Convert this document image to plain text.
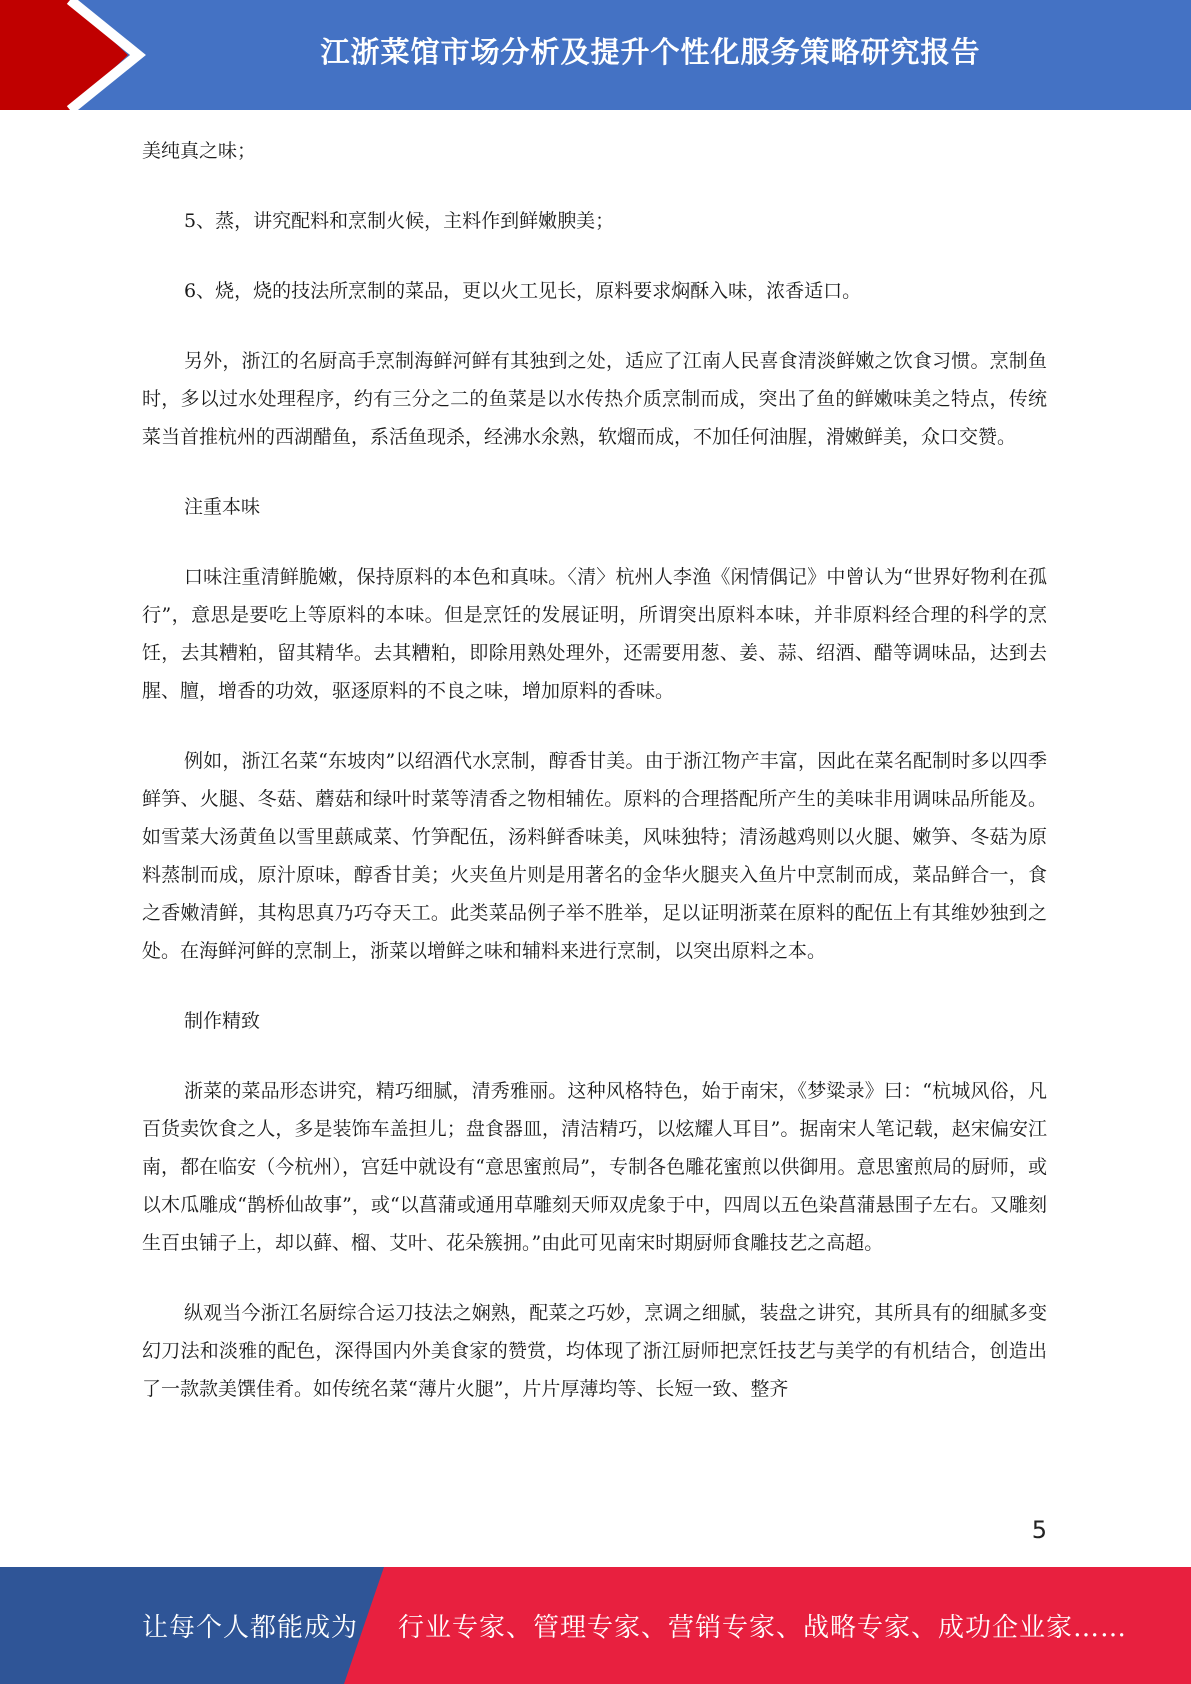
江浙菜馆市场分析及提升个性化服务策略研究报告

美纯真之味；

5、蒸，讲究配料和烹制火候，主料作到鲜嫩腴美；

6、烧，烧的技法所烹制的菜品，更以火工见长，原料要求焖酥入味，浓香适口。

另外，浙江的名厨高手烹制海鲜河鲜有其独到之处，适应了江南人民喜食清淡鲜嫩之饮食习惯。烹制鱼时，多以过水处理程序，约有三分之二的鱼菜是以水传热介质烹制而成，突出了鱼的鲜嫩味美之特点，传统菜当首推杭州的西湖醋鱼，系活鱼现杀，经沸水氽熟，软熘而成，不加任何油腥，滑嫩鲜美，众口交赞。

注重本味

口味注重清鲜脆嫩，保持原料的本色和真味。〈清〉杭州人李渔《闲情偶记》中曾认为“世界好物利在孤行”，意思是要吃上等原料的本味。但是烹饪的发展证明，所谓突出原料本味，并非原料经合理的科学的烹饪，去其糟粕，留其精华。去其糟粕，即除用熟处理外，还需要用葱、姜、蒜、绍酒、醋等调味品，达到去腥、膻，增香的功效，驱逐原料的不良之味，增加原料的香味。

例如，浙江名菜“东坡肉”以绍酒代水烹制，醇香甘美。由于浙江物产丰富，因此在菜名配制时多以四季鲜笋、火腿、冬菇、蘑菇和绿叶时菜等清香之物相辅佐。原料的合理搭配所产生的美味非用调味品所能及。如雪菜大汤黄鱼以雪里蕻咸菜、竹笋配伍，汤料鲜香味美，风味独特；清汤越鸡则以火腿、嫩笋、冬菇为原料蒸制而成，原汁原味，醇香甘美；火夹鱼片则是用著名的金华火腿夹入鱼片中烹制而成，菜品鲜合一，食之香嫩清鲜，其构思真乃巧夺天工。此类菜品例子举不胜举，足以证明浙菜在原料的配伍上有其维妙独到之处。在海鲜河鲜的烹制上，浙菜以增鲜之味和辅料来进行烹制，以突出原料之本。

制作精致

浙菜的菜品形态讲究，精巧细腻，清秀雅丽。这种风格特色，始于南宋，《梦粱录》曰：“杭城风俗，凡百货卖饮食之人，多是装饰车盖担儿；盘食器皿，清洁精巧，以炫耀人耳目”。据南宋人笔记载，赵宋偏安江南，都在临安（今杭州），宫廷中就设有“意思蜜煎局”，专制各色雕花蜜煎以供御用。意思蜜煎局的厨师，或以木瓜雕成“鹊桥仙故事”，或“以菖蒲或通用草雕刻天师双虎象于中，四周以五色染菖蒲悬围子左右。又雕刻生百虫铺子上，却以藓、榴、艾叶、花朵簇拥。”由此可见南宋时期厨师食雕技艺之高超。

纵观当今浙江名厨综合运刀技法之娴熟，配菜之巧妙，烹调之细腻，装盘之讲究，其所具有的细腻多变幻刀法和淡雅的配色，深得国内外美食家的赞赏，均体现了浙江厨师把烹饪技艺与美学的有机结合，创造出了一款款美馔佳肴。如传统名菜“薄片火腿”，片片厚薄均等、长短一致、整齐

5
让每个人都能成为 行业专家、管理专家、营销专家、战略专家、成功企业家……
